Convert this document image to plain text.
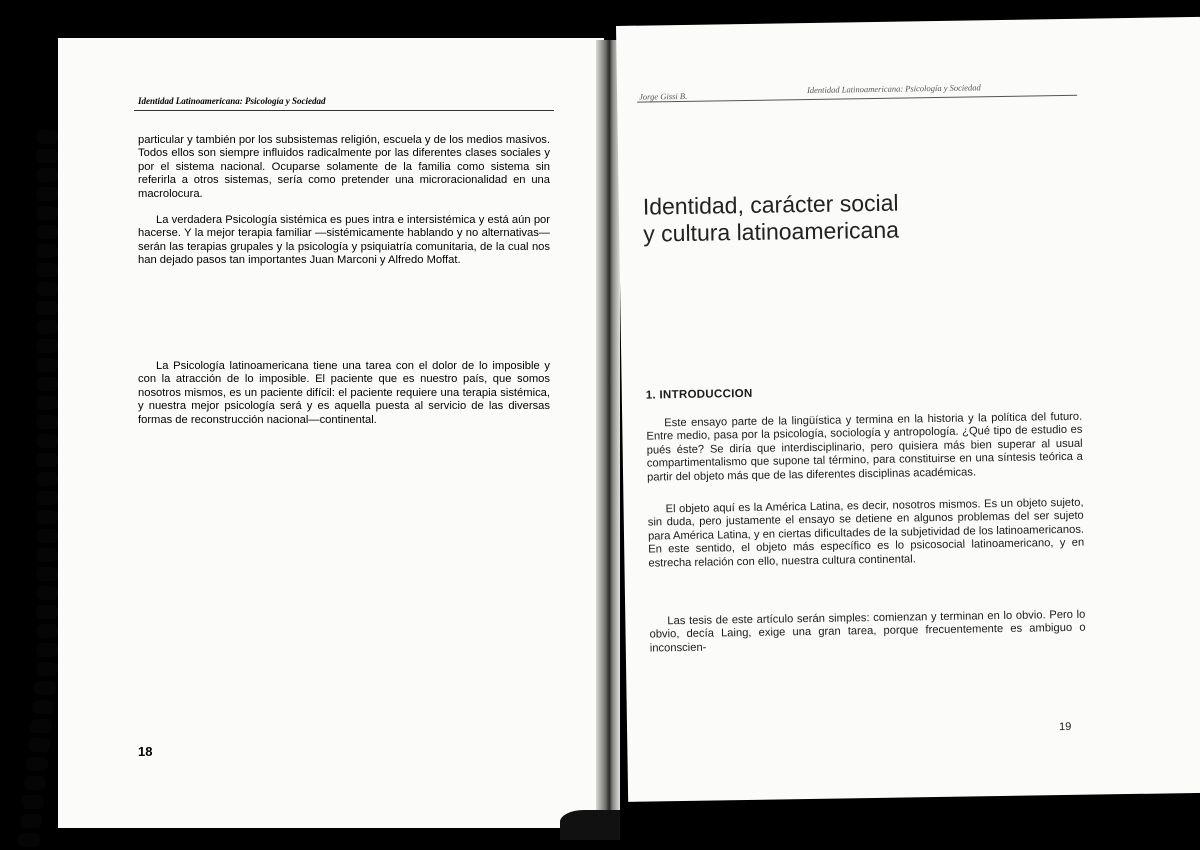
Jorge Gissi B.
Identidad Latinoamericana: Psicología y Sociedad
Identidad, carácter social
y cultura latinoamericana
1. INTRODUCCION

Este ensayo parte de la lingüística y termina en la historia y la política del futuro. Entre medio, pasa por la psicología, sociología y antropología. ¿Qué tipo de estudio es pués éste? Se diría que interdisciplinario, pero quisiera más bien superar al usual compartimentalismo que supone tal término, para constituirse en una síntesis teórica a partir del objeto más que de las diferentes disciplinas académicas.

El objeto aquí es la América Latina, es decir, nosotros mismos. Es un objeto sujeto, sin duda, pero justamente el ensayo se detiene en algunos problemas del ser sujeto para América Latina, y en ciertas dificultades de la subjetividad de los latinoamericanos. En este sentido, el objeto más específico es lo psicosocial latinoamericano, y en estrecha relación con ello, nuestra cultura continental.

Las tesis de este artículo serán simples: comienzan y terminan en lo obvio. Pero lo obvio, decía Laing, exige una gran tarea, porque frecuentemente es ambiguo o inconscien-

19
Identidad Latinoamericana: Psicología y Sociedad

particular y también por los subsistemas religión, escuela y de los medios masivos. Todos ellos son siempre influidos radicalmente por las diferentes clases sociales y por el sistema nacional. Ocuparse solamente de la familia como sistema sin referirla a otros sistemas, sería como pretender una microracionalidad en una macrolocura.

La verdadera Psicología sistémica es pues intra e intersistémica y está aún por hacerse. Y la mejor terapia familiar —sistémicamente hablando y no alternativas— serán las terapias grupales y la psicología y psiquiatría comunitaria, de la cual nos han dejado pasos tan importantes Juan Marconi y Alfredo Moffat.

La Psicología latinoamericana tiene una tarea con el dolor de lo imposible y con la atracción de lo imposible. El paciente que es nuestro país, que somos nosotros mismos, es un paciente difícil: el paciente requiere una terapia sistémica, y nuestra mejor psicología será y es aquella puesta al servicio de las diversas formas de reconstrucción nacional—continental.

18
